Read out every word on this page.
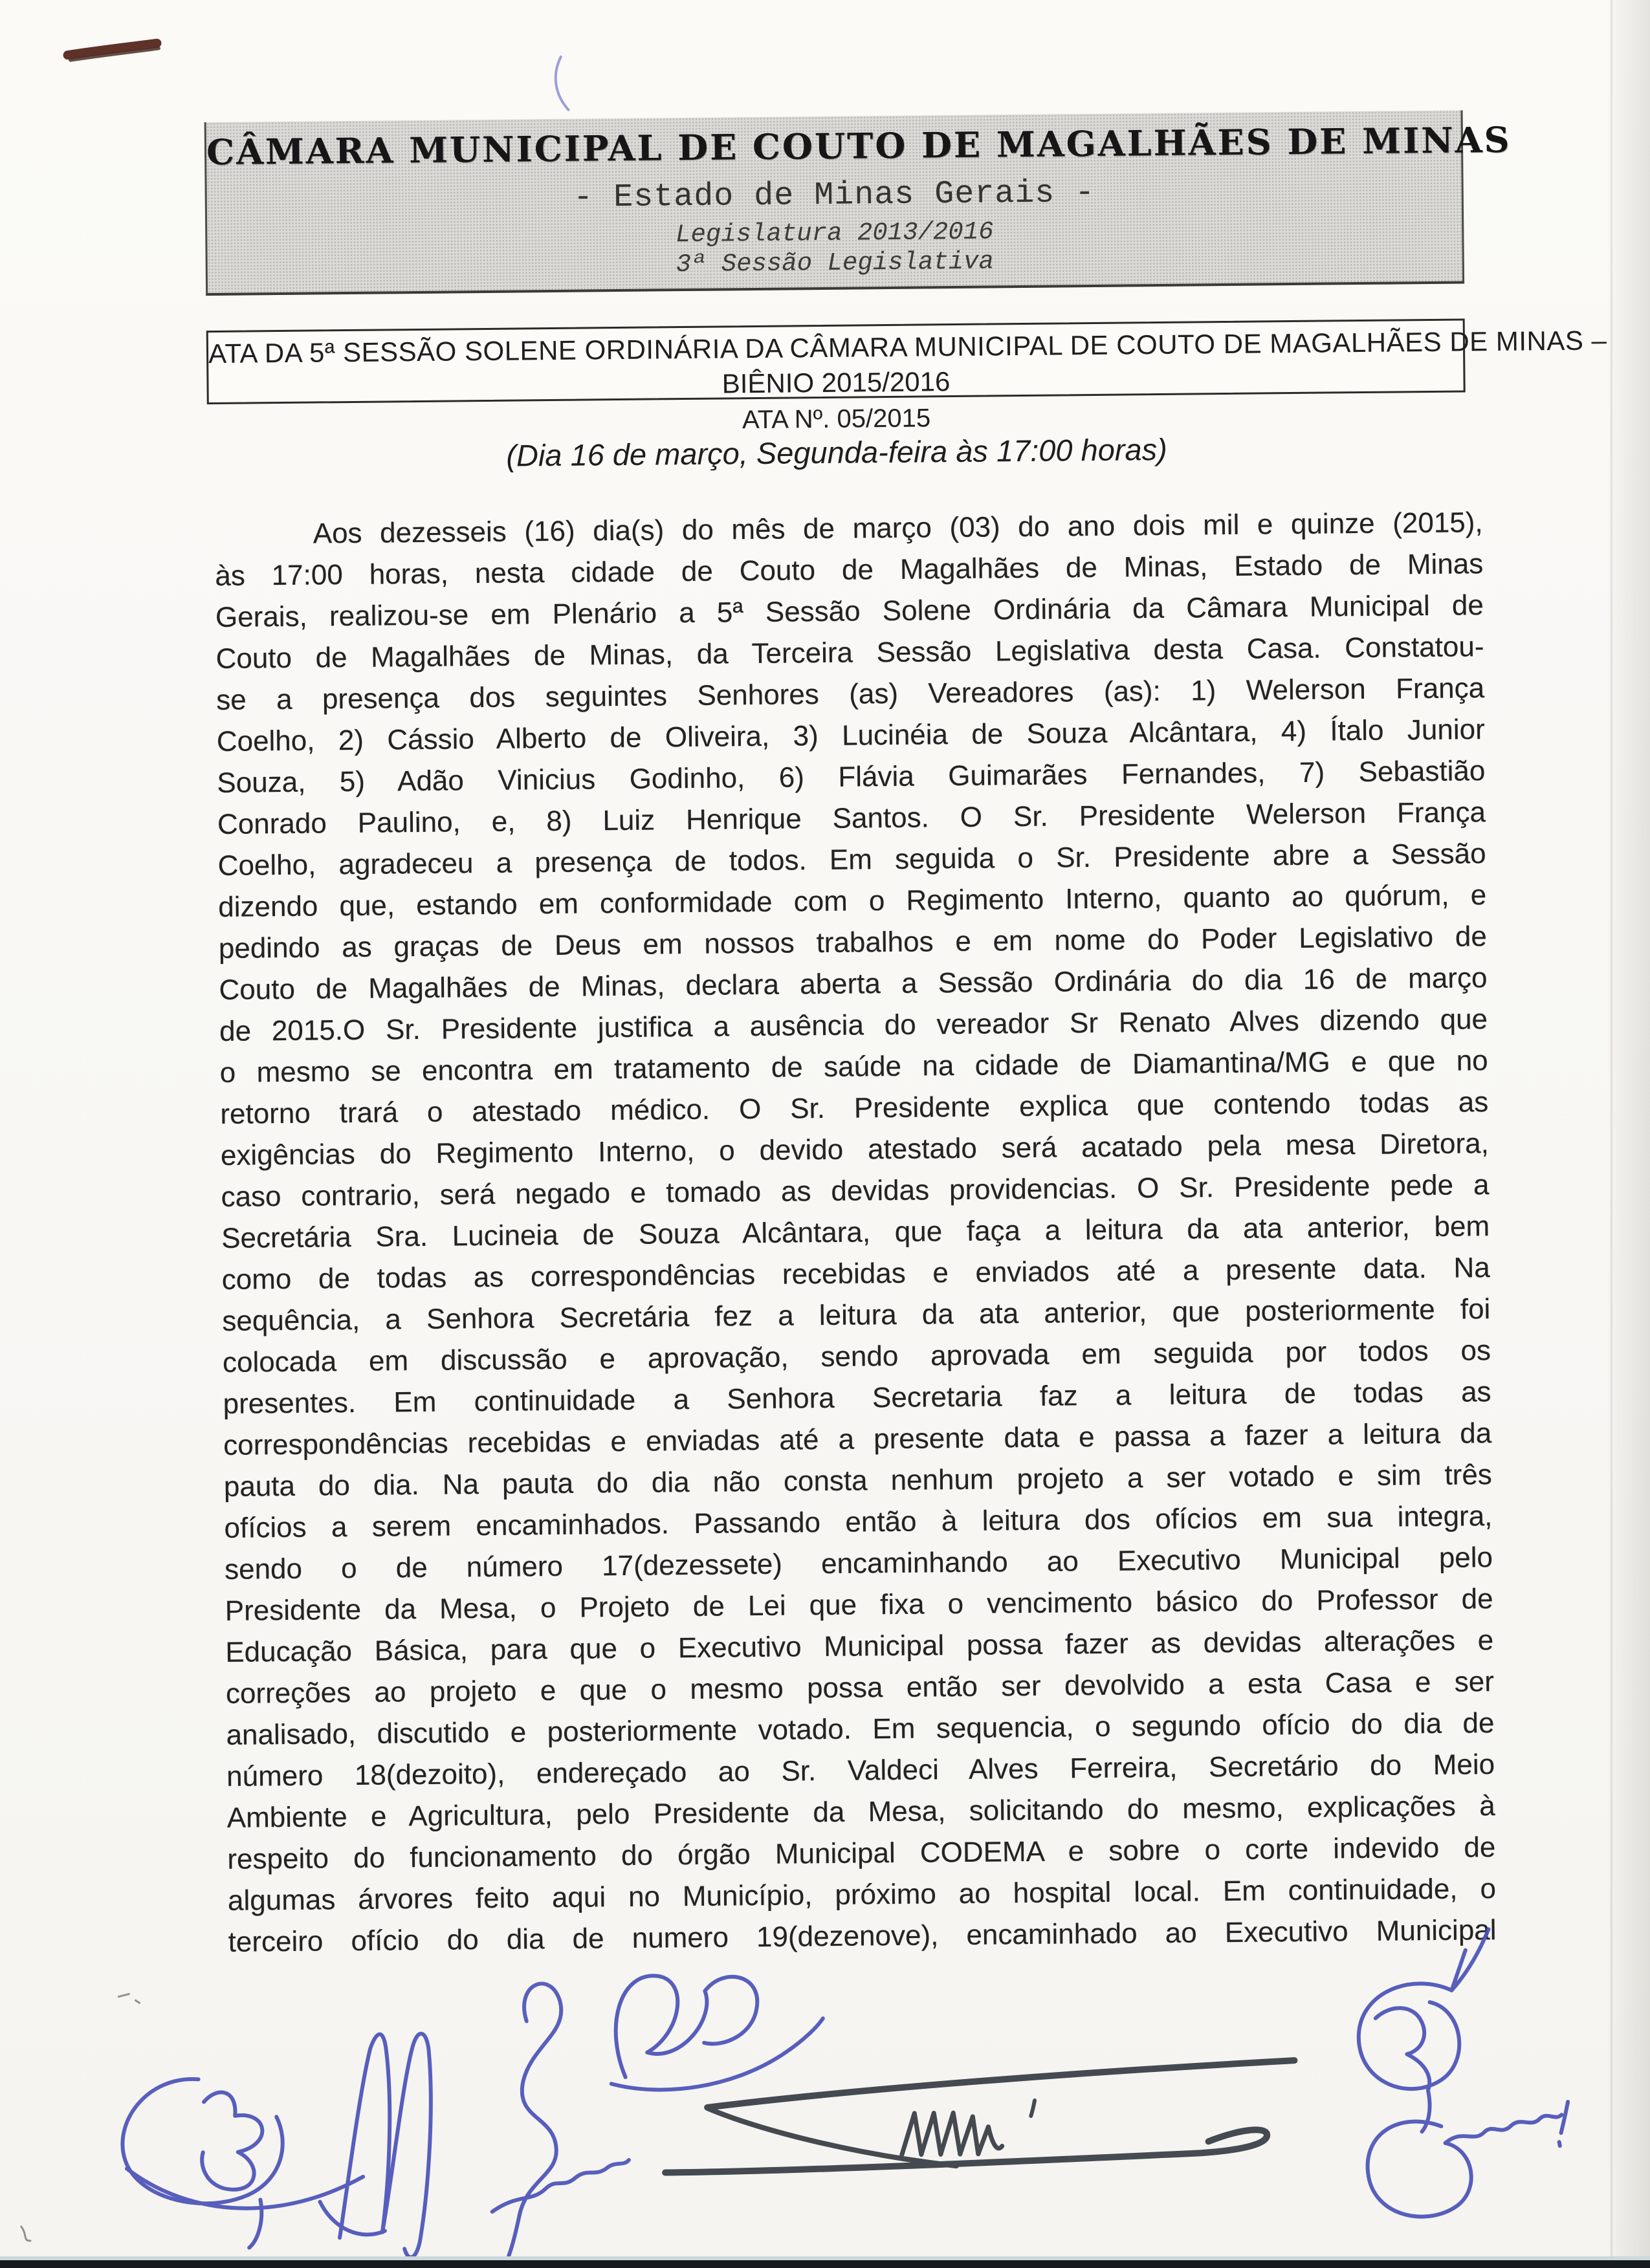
CÂMARA MUNICIPAL DE COUTO DE MAGALHÃES DE MINAS
- Estado de Minas Gerais -
Legislatura 2013/2016
3ª Sessão Legislativa
ATA DA 5ª SESSÃO SOLENE ORDINÁRIA DA CÂMARA MUNICIPAL DE COUTO DE MAGALHÃES DE MINAS –
BIÊNIO 2015/2016
ATA Nº. 05/2015
(Dia 16 de março, Segunda-feira às 17:00 horas)
Aos dezesseis (16) dia(s) do mês de março (03) do ano dois mil e quinze (2015),
às 17:00 horas, nesta cidade de Couto de Magalhães de Minas, Estado de Minas
Gerais, realizou-se em Plenário a 5ª Sessão Solene Ordinária da Câmara Municipal de
Couto de Magalhães de Minas, da Terceira Sessão Legislativa desta Casa. Constatou-
se a presença dos seguintes Senhores (as) Vereadores (as): 1) Welerson França
Coelho, 2) Cássio Alberto de Oliveira, 3) Lucinéia de Souza Alcântara, 4) Ítalo Junior
Souza, 5) Adão Vinicius Godinho, 6) Flávia Guimarães Fernandes, 7) Sebastião
Conrado Paulino, e, 8) Luiz Henrique Santos. O Sr. Presidente Welerson França
Coelho, agradeceu a presença de todos. Em seguida o Sr. Presidente abre a Sessão
dizendo que, estando em conformidade com o Regimento Interno, quanto ao quórum, e
pedindo as graças de Deus em nossos trabalhos e em nome do Poder Legislativo de
Couto de Magalhães de Minas, declara aberta a Sessão Ordinária do dia 16 de março
de 2015.O Sr. Presidente justifica a ausência do vereador Sr Renato Alves dizendo que
o mesmo se encontra em tratamento de saúde na cidade de Diamantina/MG e que no
retorno trará o atestado médico. O Sr. Presidente explica que contendo todas as
exigências do Regimento Interno, o devido atestado será acatado pela mesa Diretora,
caso contrario, será negado e tomado as devidas providencias. O Sr. Presidente pede a
Secretária Sra. Lucineia de Souza Alcântara, que faça a leitura da ata anterior, bem
como de todas as correspondências recebidas e enviados até a presente data. Na
sequência, a Senhora Secretária fez a leitura da ata anterior, que posteriormente foi
colocada em discussão e aprovação, sendo aprovada em seguida por todos os
presentes. Em continuidade a Senhora Secretaria faz a leitura de todas as
correspondências recebidas e enviadas até a presente data e passa a fazer a leitura da
pauta do dia. Na pauta do dia não consta nenhum projeto a ser votado e sim três
ofícios a serem encaminhados. Passando então à leitura dos ofícios em sua integra,
sendo o de número 17(dezessete) encaminhando ao Executivo Municipal pelo
Presidente da Mesa, o Projeto de Lei que fixa o vencimento básico do Professor de
Educação Básica, para que o Executivo Municipal possa fazer as devidas alterações e
correções ao projeto e que o mesmo possa então ser devolvido a esta Casa e ser
analisado, discutido e posteriormente votado. Em sequencia, o segundo ofício do dia de
número 18(dezoito), endereçado ao Sr. Valdeci Alves Ferreira, Secretário do Meio
Ambiente e Agricultura, pelo Presidente da Mesa, solicitando do mesmo, explicações à
respeito do funcionamento do órgão Municipal CODEMA e sobre o corte indevido de
algumas árvores feito aqui no Município, próximo ao hospital local. Em continuidade, o
terceiro ofício do dia de numero 19(dezenove), encaminhado ao Executivo Municipal
